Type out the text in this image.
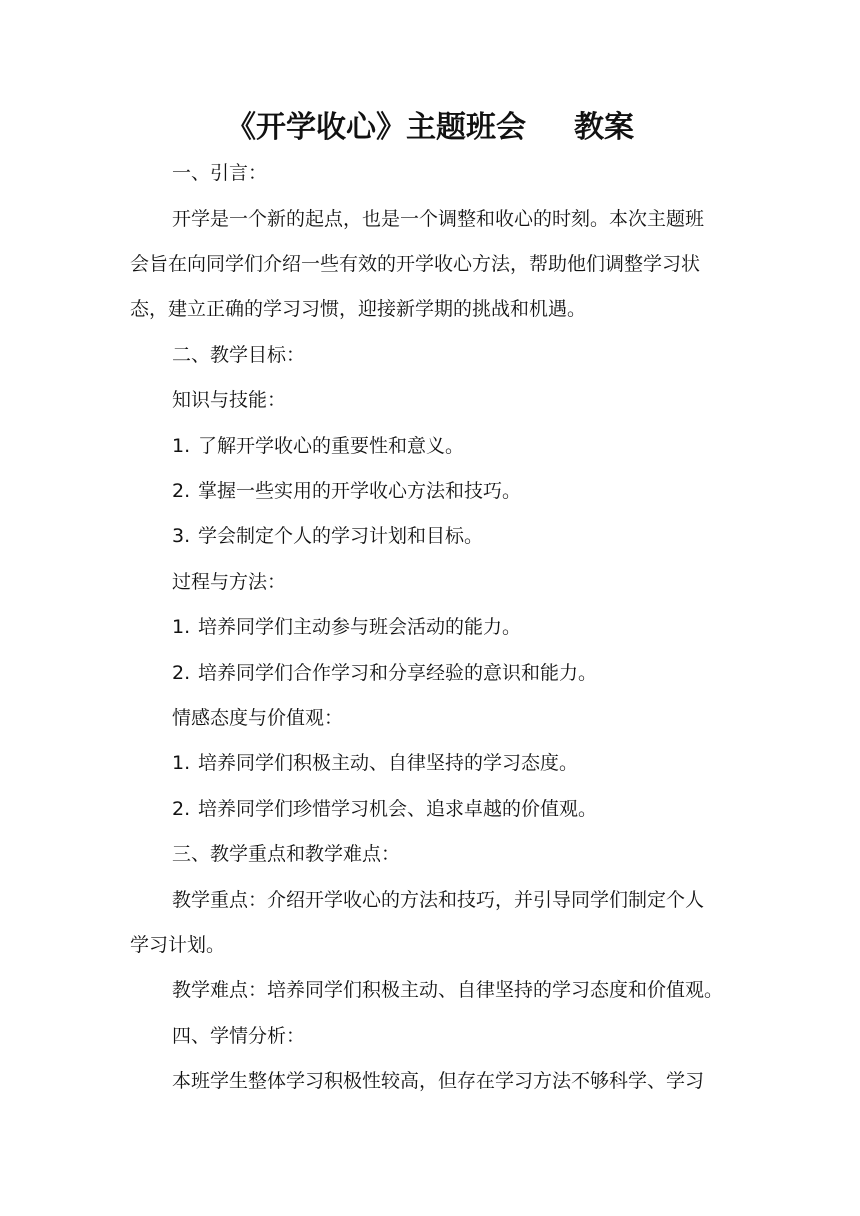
《开学收心》主题班会 教案
一、引言：
开学是一个新的起点，也是一个调整和收心的时刻。本次主题班
会旨在向同学们介绍一些有效的开学收心方法，帮助他们调整学习状
态，建立正确的学习习惯，迎接新学期的挑战和机遇。
二、教学目标：
知识与技能：
1. 了解开学收心的重要性和意义。
2. 掌握一些实用的开学收心方法和技巧。
3. 学会制定个人的学习计划和目标。
过程与方法：
1. 培养同学们主动参与班会活动的能力。
2. 培养同学们合作学习和分享经验的意识和能力。
情感态度与价值观：
1. 培养同学们积极主动、自律坚持的学习态度。
2. 培养同学们珍惜学习机会、追求卓越的价值观。
三、教学重点和教学难点：
教学重点：介绍开学收心的方法和技巧，并引导同学们制定个人
学习计划。
教学难点：培养同学们积极主动、自律坚持的学习态度和价值观。
四、学情分析：
本班学生整体学习积极性较高，但存在学习方法不够科学、学习
